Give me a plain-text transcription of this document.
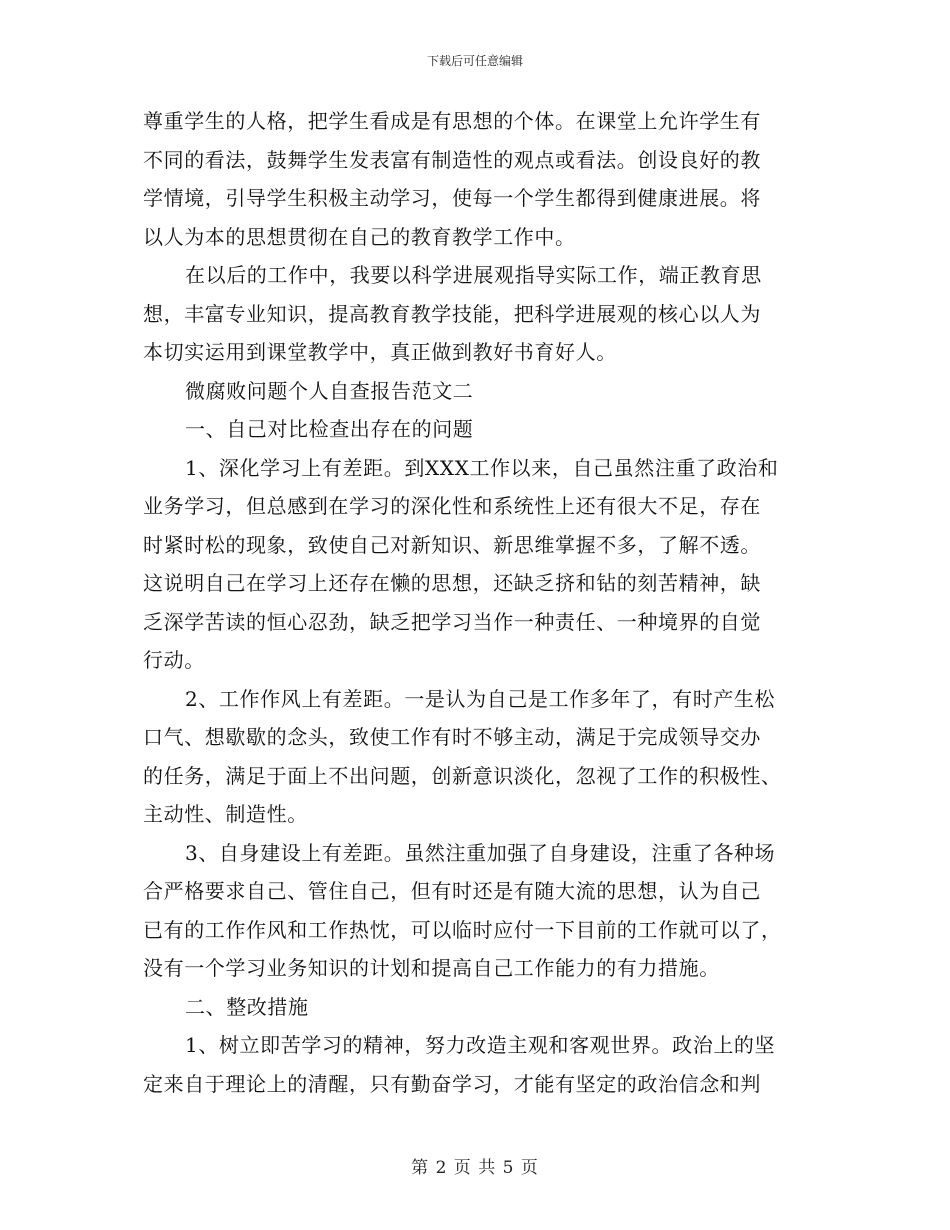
下载后可任意编辑
尊重学生的人格，把学生看成是有思想的个体。在课堂上允许学生有
不同的看法，鼓舞学生发表富有制造性的观点或看法。创设良好的教
学情境，引导学生积极主动学习，使每一个学生都得到健康进展。将
以人为本的思想贯彻在自己的教育教学工作中。
在以后的工作中，我要以科学进展观指导实际工作，端正教育思
想，丰富专业知识，提高教育教学技能，把科学进展观的核心以人为
本切实运用到课堂教学中，真正做到教好书育好人。
微腐败问题个人自查报告范文二
一、自己对比检查出存在的问题
1、深化学习上有差距。到XXX工作以来，自己虽然注重了政治和
业务学习，但总感到在学习的深化性和系统性上还有很大不足，存在
时紧时松的现象，致使自己对新知识、新思维掌握不多，了解不透。
这说明自己在学习上还存在懒的思想，还缺乏挤和钻的刻苦精神，缺
乏深学苦读的恒心忍劲，缺乏把学习当作一种责任、一种境界的自觉
行动。
2、工作作风上有差距。一是认为自己是工作多年了，有时产生松
口气、想歇歇的念头，致使工作有时不够主动，满足于完成领导交办
的任务，满足于面上不出问题，创新意识淡化，忽视了工作的积极性、
主动性、制造性。
3、自身建设上有差距。虽然注重加强了自身建设，注重了各种场
合严格要求自己、管住自己，但有时还是有随大流的思想，认为自己
已有的工作作风和工作热忱，可以临时应付一下目前的工作就可以了，
没有一个学习业务知识的计划和提高自己工作能力的有力措施。
二、整改措施
1、树立即苦学习的精神，努力改造主观和客观世界。政治上的坚
定来自于理论上的清醒，只有勤奋学习，才能有坚定的政治信念和判
第 2 页 共 5 页
